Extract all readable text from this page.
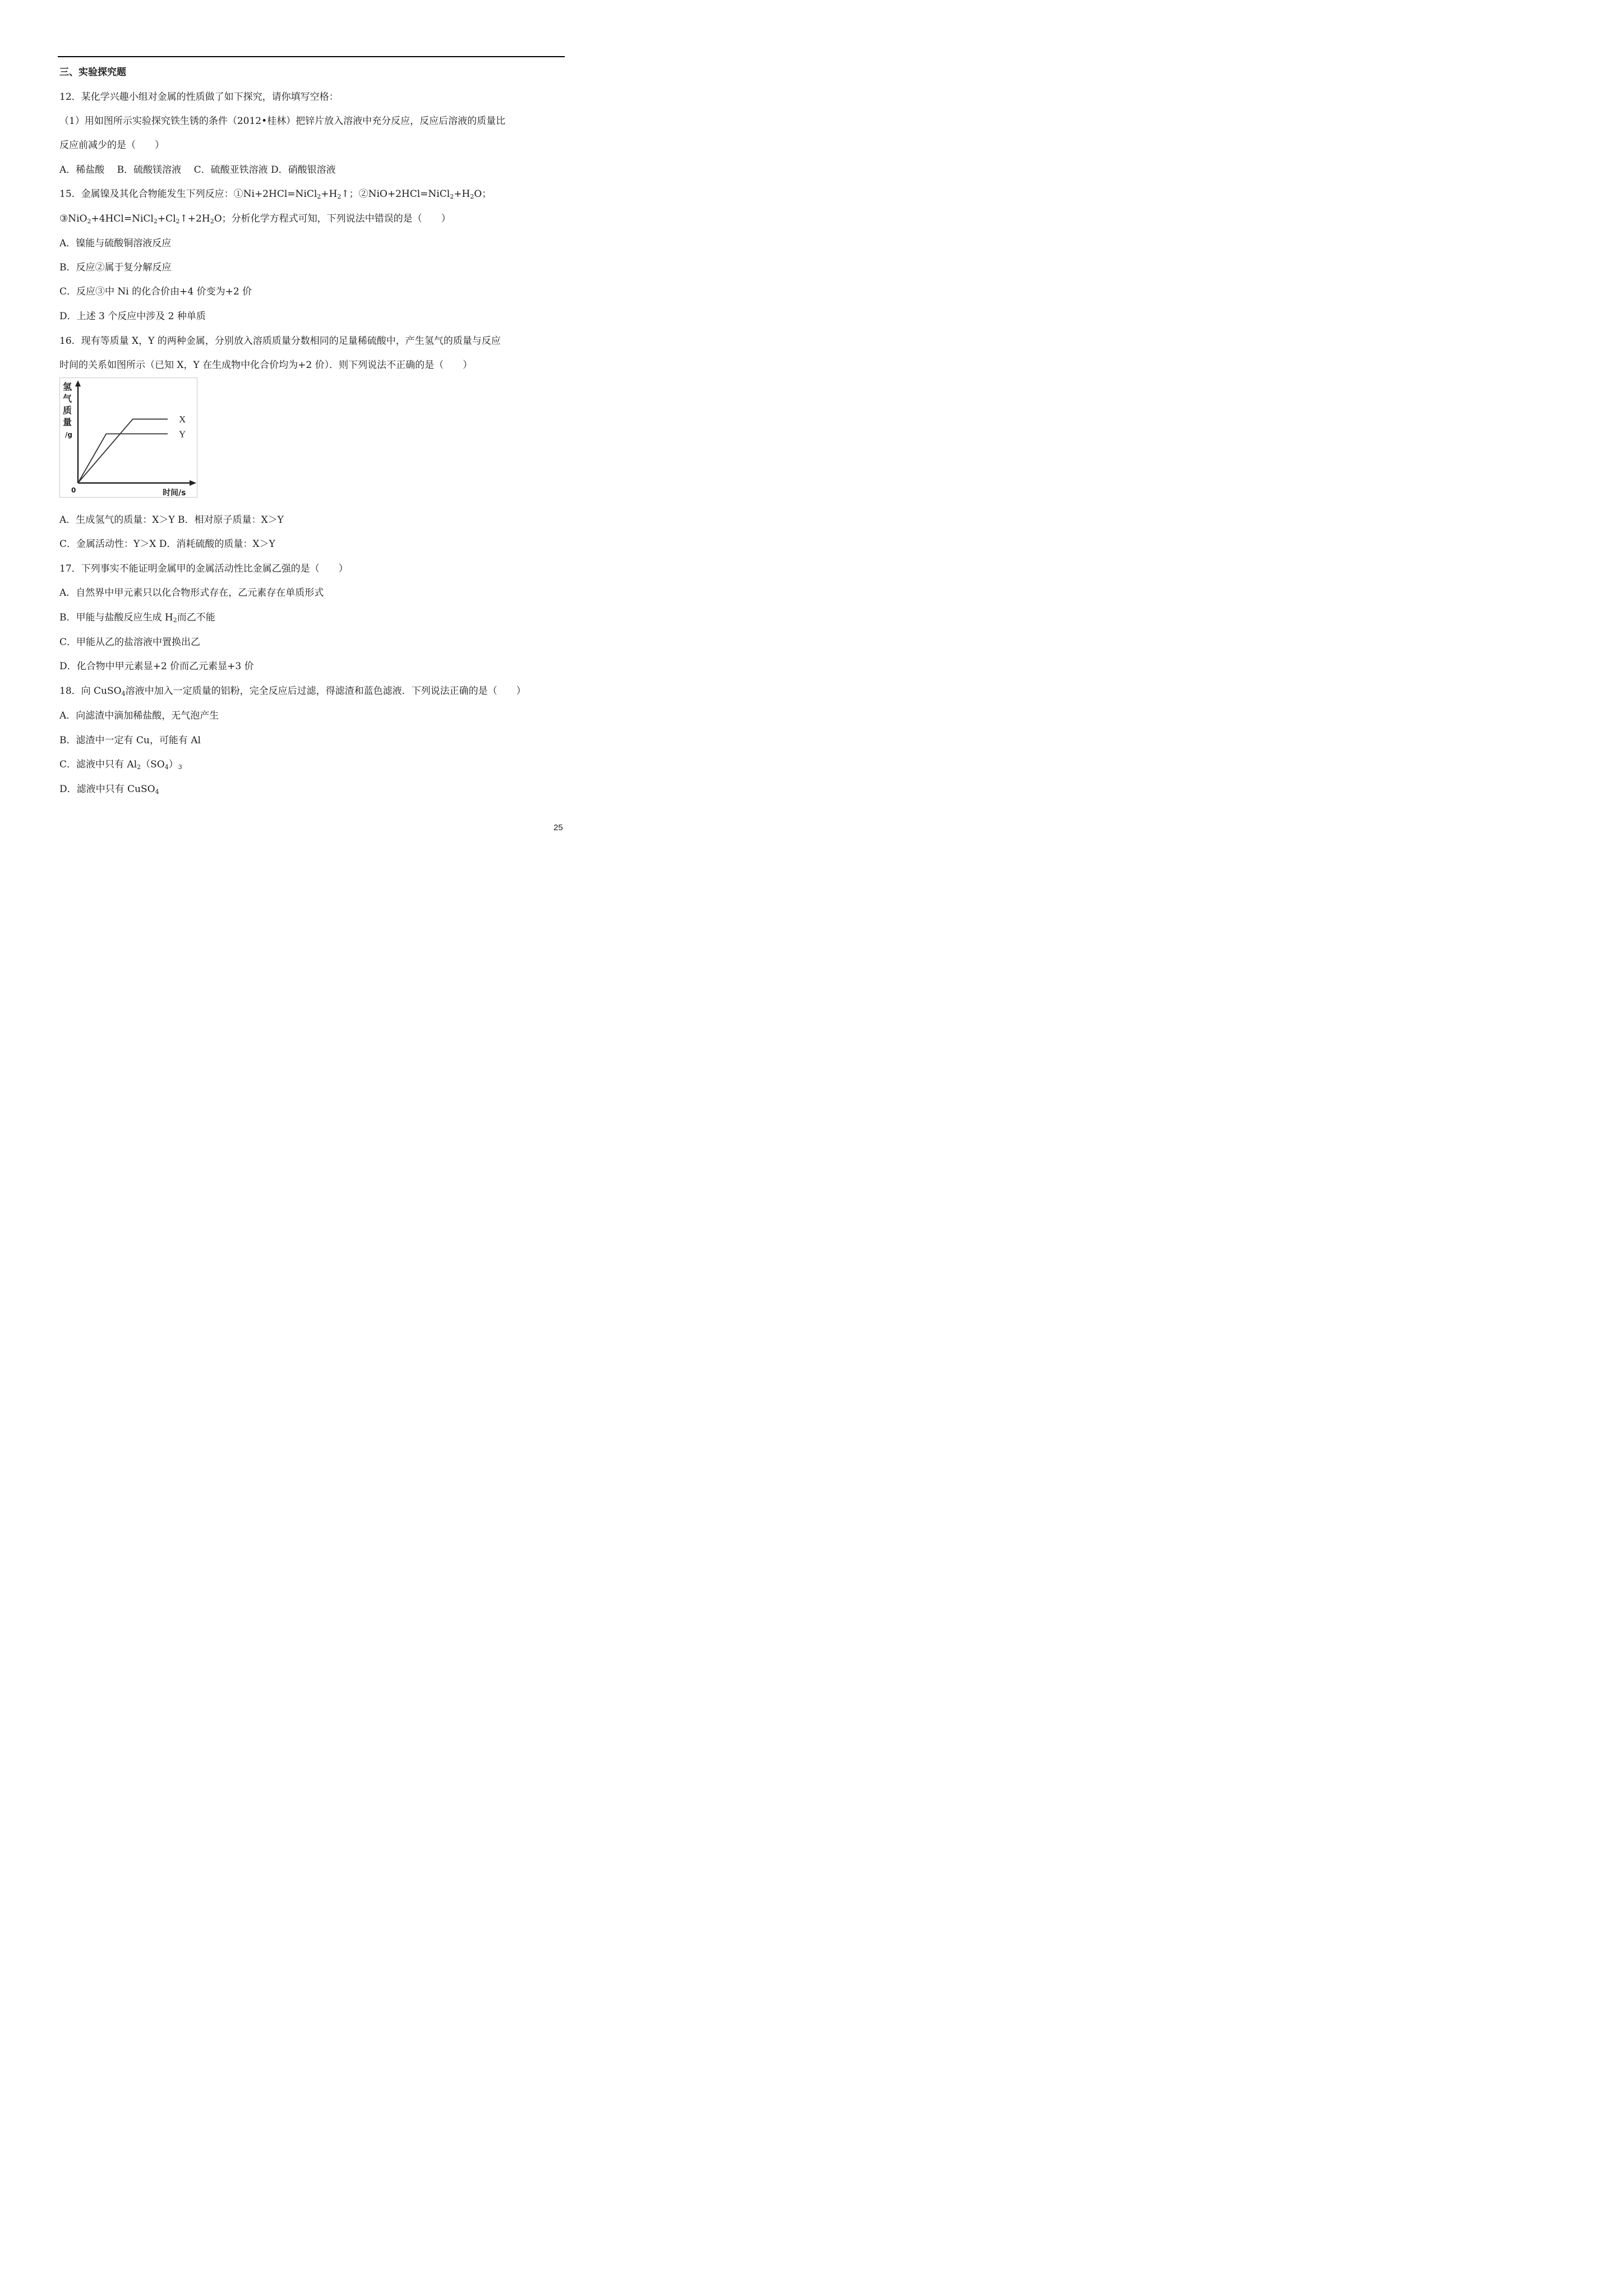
三、实验探究题
12．某化学兴趣小组对金属的性质做了如下探究，请你填写空格：
（1）用如图所示实验探究铁生锈的条件（2012•桂林）把锌片放入溶液中充分反应，反应后溶液的质量比
反应前减少的是（　　）
A．稀盐酸　 B．硫酸镁溶液　 C．硫酸亚铁溶液 D．硝酸银溶液
15．金属镍及其化合物能发生下列反应：$①Ni+2HCl=NiCl_2+H_2↑$；$②NiO+2HCl=NiCl_2+H_2O$；
$③NiO_2+4HCl=NiCl_2+Cl_2↑+2H_2O$；分析化学方程式可知，下列说法中错误的是（　　）
A．镍能与硫酸铜溶液反应
B．反应②属于复分解反应
C．反应③中 Ni 的化合价由+4 价变为+2 价
D．上述 3 个反应中涉及 2 种单质
16．现有等质量 X，Y 的两种金属，分别放入溶质质量分数相同的足量稀硫酸中，产生氢气的质量与反应
时间的关系如图所示（已知 X，Y 在生成物中化合价均为+2 价）．则下列说法不正确的是（　　）
氢
气
质
量
/g
0	时间/s
X
Y
A．生成氢气的质量：X＞Y B．相对原子质量：X＞Y
C．金属活动性：Y＞X D．消耗硫酸的质量：X＞Y
17．下列事实不能证明金属甲的金属活动性比金属乙强的是（　　）
A．自然界中甲元素只以化合物形式存在，乙元素存在单质形式
B．甲能与盐酸反应生成 $H_2$而乙不能
C．甲能从乙的盐溶液中置换出乙
D．化合物中甲元素显+2 价而乙元素显+3 价
18．向 CuSO$_4$溶液中加入一定质量的铝粉，完全反应后过滤，得滤渣和蓝色滤液．下列说法正确的是（　　）
A．向滤渣中滴加稀盐酸，无气泡产生
B．滤渣中一定有 Cu，可能有 Al
C．滤液中只有 $Al_2(SO_4)_3$
D．滤液中只有 CuSO$_4$
25
